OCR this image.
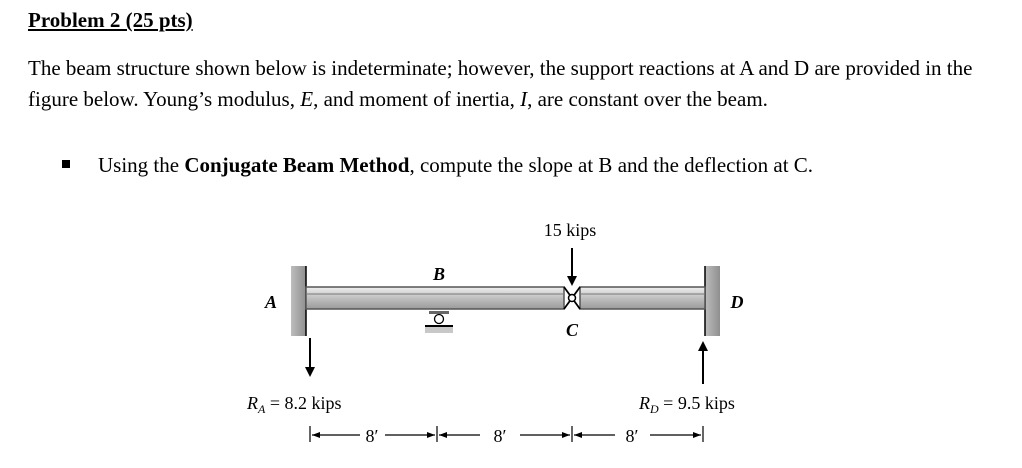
Problem 2 (25 pts)

The beam structure shown below is indeterminate; however, the support reactions at A and D are provided in the figure below. Young’s modulus, E, and moment of inertia, I, are constant over the beam.

Using the Conjugate Beam Method, compute the slope at B and the deflection at C.
15 kips
A
B
C
D
$R_A = 8.2$ kips	$R_D = 9.5$ kips
8′	8′	8′
